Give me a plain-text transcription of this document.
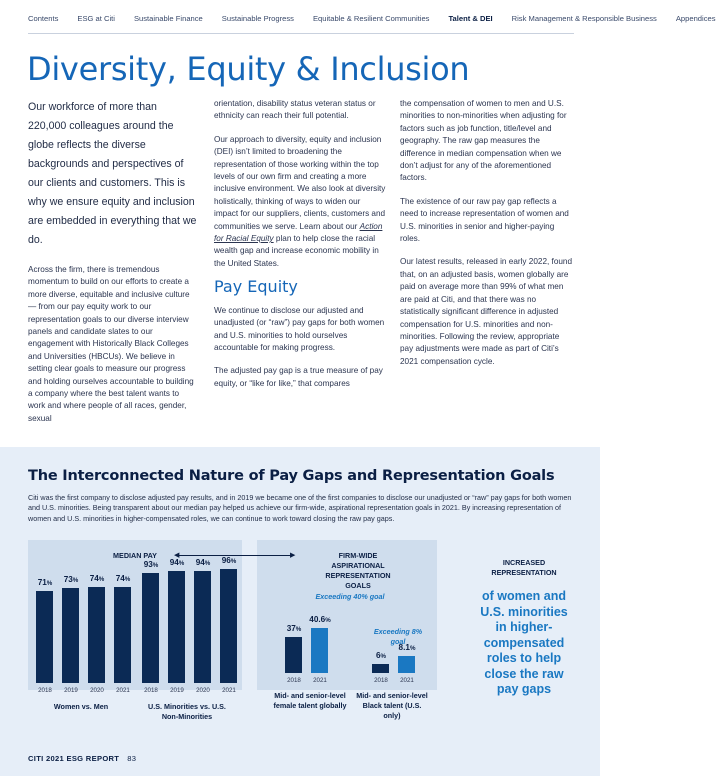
Contents	ESG at Citi	Sustainable Finance	Sustainable Progress	Equitable & Resilient Communities	Talent & DEI	Risk Management & Responsible Business	Appendices
Diversity, Equity & Inclusion

Our workforce of more than 220,000 colleagues around the globe reflects the diverse backgrounds and perspectives of our clients and customers. This is why we ensure equity and inclusion are embedded in everything that we do.

Across the firm, there is tremendous momentum to build on our efforts to create a more diverse, equitable and inclusive culture — from our pay equity work to our representation goals to our diverse interview panels and candidate slates to our engagement with Historically Black Colleges and Universities (HBCUs). We believe in setting clear goals to measure our progress and holding ourselves accountable to building a company where the best talent wants to work and where people of all races, gender, sexual

orientation, disability status veteran status or ethnicity can reach their full potential.

Our approach to diversity, equity and inclusion (DEI) isn’t limited to broadening the representation of those working within the top levels of our own firm and creating a more inclusive environment. We also look at diversity holistically, thinking of ways to widen our impact for our suppliers, clients, customers and communities we serve. Learn about our Action for Racial Equity plan to help close the racial wealth gap and increase economic mobility in the United States.

Pay Equity

We continue to disclose our adjusted and unadjusted (or “raw”) pay gaps for both women and U.S. minorities to hold ourselves accountable for making progress.

The adjusted pay gap is a true measure of pay equity, or “like for like,” that compares

the compensation of women to men and U.S. minorities to non-minorities when adjusting for factors such as job function, title/level and geography. The raw gap measures the difference in median compensation when we don’t adjust for any of the aforementioned factors.

The existence of our raw pay gap reflects a need to increase representation of women and U.S. minorities in senior and higher-paying roles.

Our latest results, released in early 2022, found that, on an adjusted basis, women globally are paid on average more than 99% of what men are paid at Citi, and that there was no statistically significant difference in adjusted compensation for U.S. minorities and non-minorities. Following the review, appropriate pay adjustments were made as part of Citi’s 2021 compensation cycle.

The Interconnected Nature of Pay Gaps and Representation Goals
Citi was the first company to disclose adjusted pay results, and in 2019 we became one of the first companies to disclose our unadjusted or “raw” pay gaps for both women and U.S. minorities. Being transparent about our median pay helped us achieve our firm-wide, aspirational representation goals in 2021. By increasing representation of women and U.S. minorities in higher-compensated roles, we can continue to work toward closing the raw pay gaps.
MEDIAN PAY	▶
◀	FIRM-WIDE ASPIRATIONAL REPRESENTATION GOALS
71%
2018
73%
2019
74%
2020
74%
2021
93%
2018
94%
2019
94%
2020
96%
2021
37%
2018
40.6%
2021
6%
2018
8.1%
2021
Exceeding 40% goal
Exceeding 8% goal
Women vs. Men	U.S. Minorities vs. U.S. Non-Minorities
Mid- and senior-level female talent globally
Mid- and senior-level Black talent (U.S. only)
INCREASED REPRESENTATION
of women and U.S. minorities in higher-compensated roles to help close the raw pay gaps
CITI 2021 ESG REPORT 83
